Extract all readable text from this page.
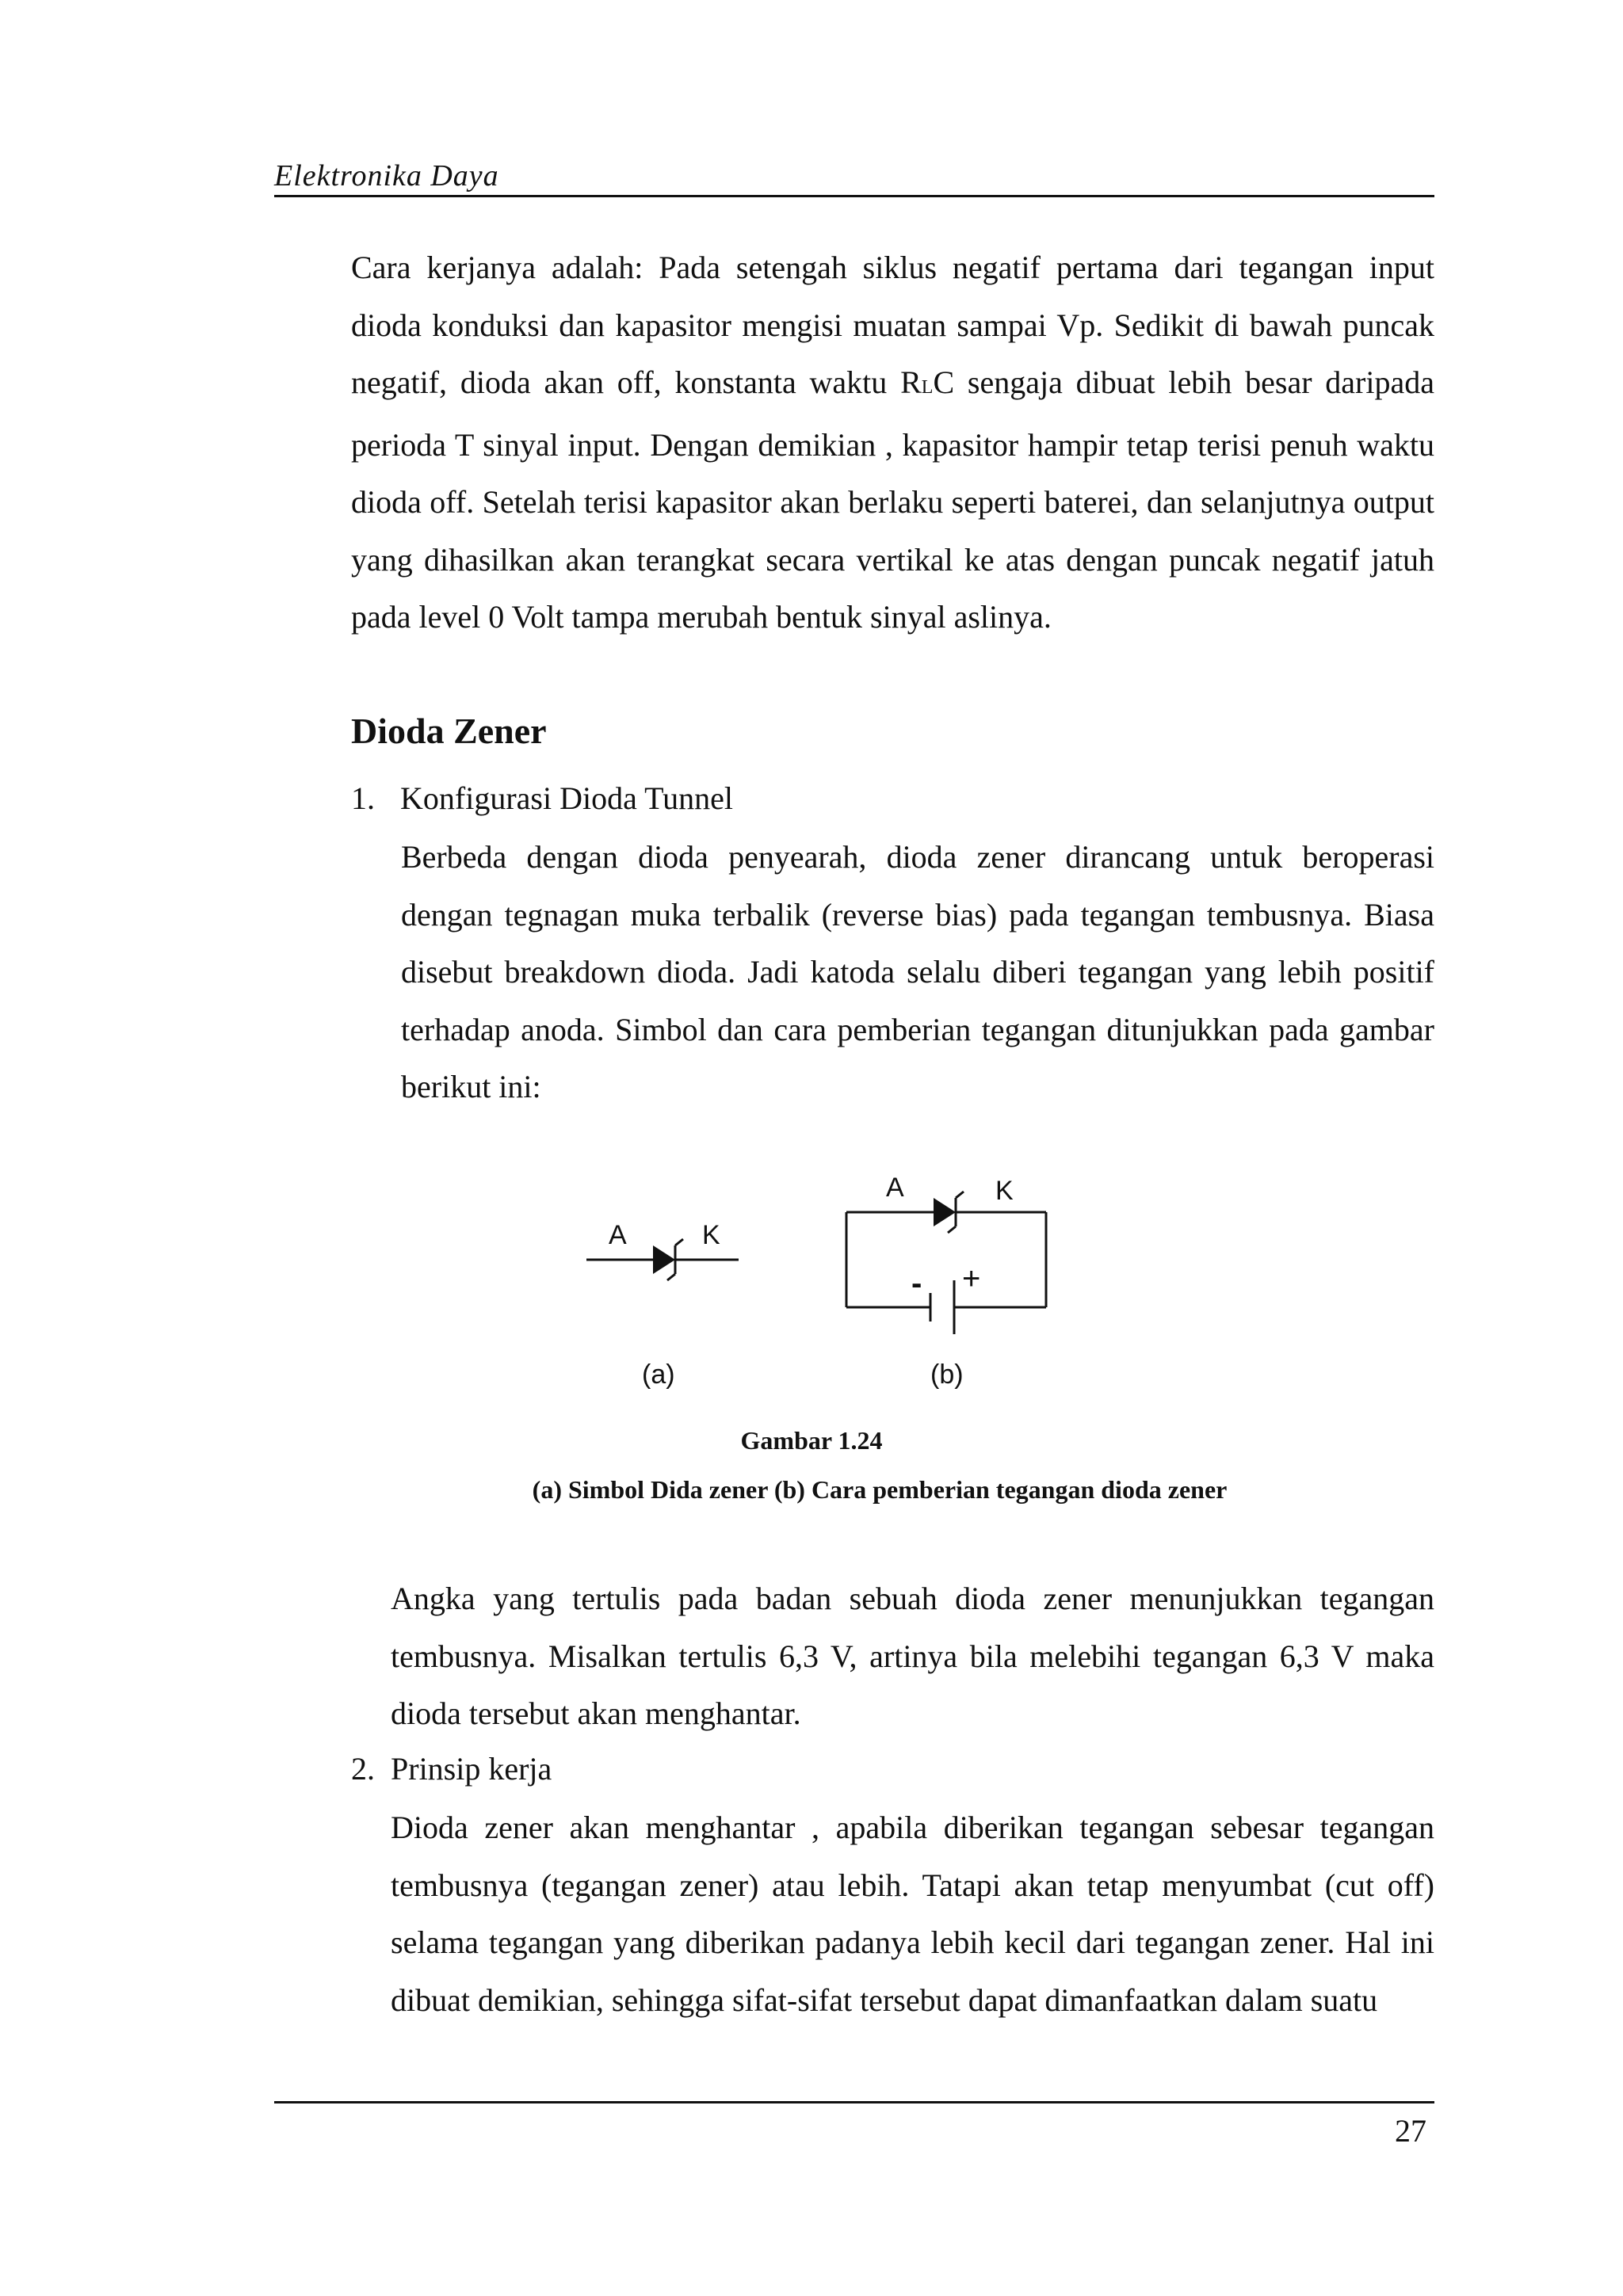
Elektronika Daya

Cara kerjanya adalah: Pada setengah siklus negatif pertama dari tegangan input dioda konduksi dan kapasitor mengisi muatan sampai Vp. Sedikit di bawah puncak negatif, dioda akan off, konstanta waktu RLC sengaja dibuat lebih besar daripada perioda T sinyal input. Dengan demikian , kapasitor hampir tetap terisi penuh waktu dioda off. Setelah terisi kapasitor akan berlaku seperti baterei, dan selanjutnya output yang dihasilkan akan terangkat secara vertikal ke atas dengan puncak negatif jatuh pada level 0 Volt tampa merubah bentuk sinyal aslinya.

Dioda Zener
1. Konfigurasi Dioda Tunnel

Berbeda dengan dioda penyearah, dioda zener dirancang untuk beroperasi dengan tegnagan muka terbalik (reverse bias) pada tegangan tembusnya. Biasa disebut breakdown dioda. Jadi katoda selalu diberi tegangan yang lebih positif terhadap anoda. Simbol dan cara pemberian tegangan ditunjukkan pada gambar berikut ini:

A	K
A	K
- +
(a)	(b)
Gambar 1.24
(a) Simbol Dida zener (b) Cara pemberian tegangan dioda zener

Angka yang tertulis pada badan sebuah dioda zener menunjukkan tegangan tembusnya. Misalkan tertulis 6,3 V, artinya bila melebihi tegangan 6,3 V maka dioda tersebut akan menghantar.

2. Prinsip kerja

Dioda zener akan menghantar , apabila diberikan tegangan sebesar tegangan tembusnya (tegangan zener) atau lebih. Tatapi akan tetap menyumbat (cut off) selama tegangan yang diberikan padanya lebih kecil dari tegangan zener. Hal ini dibuat demikian, sehingga sifat-sifat tersebut dapat dimanfaatkan dalam suatu

27
